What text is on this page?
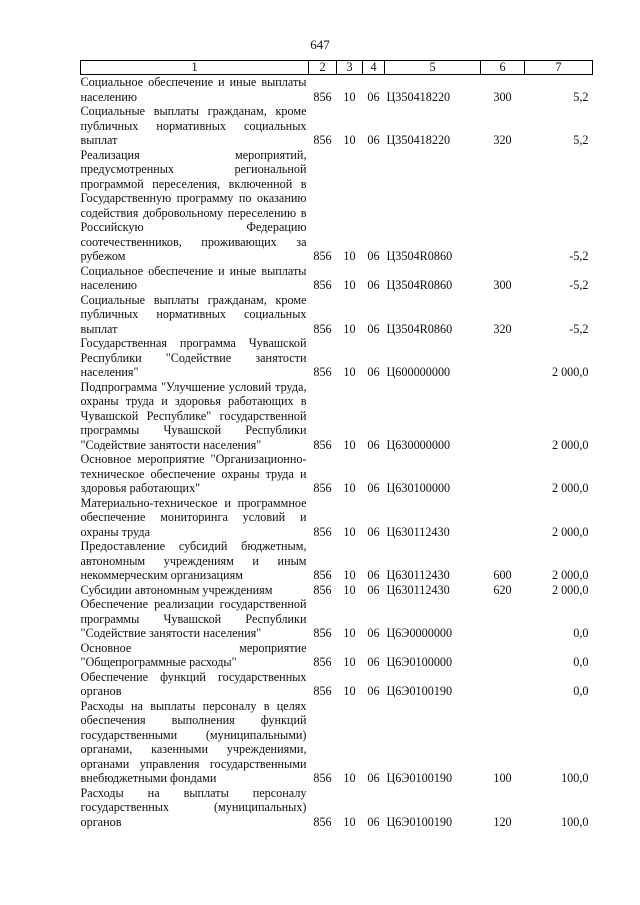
647
1	2	3	4	5	6	7
Социальное обеспечение и иные выплаты населению	856	10	06	Ц350418220	300	5,2
Социальные выплаты гражданам, кроме публичных нормативных социальных выплат	856	10	06	Ц350418220	320	5,2
Реализация мероприятий, предусмотренных региональной программой переселения, включенной в Государственную программу по оказанию содействия добровольному переселению в Российскую Федерацию соотечественников, проживающих за рубежом	856	10	06	Ц3504R0860		-5,2
Социальное обеспечение и иные выплаты населению	856	10	06	Ц3504R0860	300	-5,2
Социальные выплаты гражданам, кроме публичных нормативных социальных выплат	856	10	06	Ц3504R0860	320	-5,2
Государственная программа Чувашской Республики "Содействие занятости населения"	856	10	06	Ц600000000		2 000,0
Подпрограмма "Улучшение условий труда, охраны труда и здоровья работающих в Чувашской Республике" государственной программы Чувашской Республики "Содействие занятости населения"	856	10	06	Ц630000000		2 000,0
Основное мероприятие "Организационно-техническое обеспечение охраны труда и здоровья работающих"	856	10	06	Ц630100000		2 000,0
Материально-техническое и программное обеспечение мониторинга условий и охраны труда	856	10	06	Ц630112430		2 000,0
Предоставление субсидий бюджетным, автономным учреждениям и иным некоммерческим организациям	856	10	06	Ц630112430	600	2 000,0
Субсидии автономным учреждениям	856	10	06	Ц630112430	620	2 000,0
Обеспечение реализации государственной программы Чувашской Республики "Содействие занятости населения"	856	10	06	Ц6Э0000000		0,0
Основное мероприятие "Общепрограммные расходы"	856	10	06	Ц6Э0100000		0,0
Обеспечение функций государственных органов	856	10	06	Ц6Э0100190		0,0
Расходы на выплаты персоналу в целях обеспечения выполнения функций государственными (муниципальными) органами, казенными учреждениями, органами управления государственными внебюджетными фондами	856	10	06	Ц6Э0100190	100	100,0
Расходы на выплаты персоналу государственных (муниципальных) органов	856	10	06	Ц6Э0100190	120	100,0
